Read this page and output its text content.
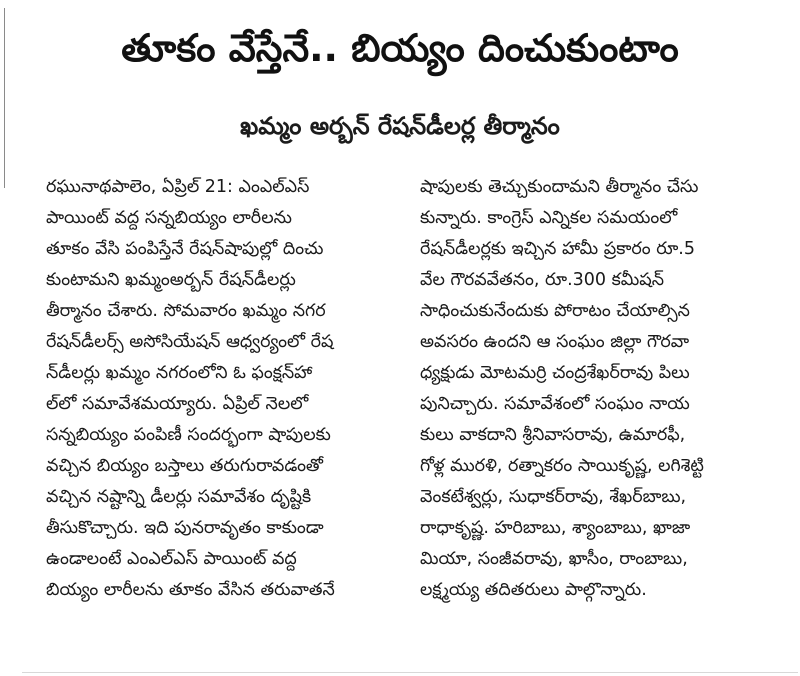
తూకం వేస్తేనే.. బియ్యం దించుకుంటాం
ఖమ్మం అర్బన్ రేషన్‌డీలర్ల తీర్మానం
రఘునాథపాలెం, ఏప్రిల్ 21: ఎంఎల్ఎస్
పాయింట్ వద్ద సన్నబియ్యం లారీలను
తూకం వేసి పంపిస్తేనే రేషన్‌షాపుల్లో దించు
కుంటామని ఖమ్మంఅర్బన్ రేషన్‌డీలర్లు
తీర్మానం చేశారు. సోమవారం ఖమ్మం నగర
రేషన్‌డీలర్స్ అసోసియేషన్ ఆధ్వర్యంలో రేష
న్‌డీలర్లు ఖమ్మం నగరంలోని ఓ ఫంక్షన్‌హా
ల్‌లో సమావేశమయ్యారు. ఏప్రిల్ నెలలో
సన్నబియ్యం పంపిణీ సందర్భంగా షాపులకు
వచ్చిన బియ్యం బస్తాలు తరుగురావడంతో
వచ్చిన నష్టాన్ని డీలర్లు సమావేశం దృష్టికి
తీసుకొచ్చారు. ఇది పునరావృతం కాకుండా
ఉండాలంటే ఎంఎల్ఎస్ పాయింట్ వద్ద
బియ్యం లారీలను తూకం వేసిన తరువాతనే
షాపులకు తెచ్చుకుందామని తీర్మానం చేసు
కున్నారు. కాంగ్రెస్ ఎన్నికల సమయంలో
రేషన్‌డీలర్లకు ఇచ్చిన హామీ ప్రకారం రూ.5
వేల గౌరవవేతనం, రూ.300 కమీషన్
సాధించుకునేందుకు పోరాటం చేయాల్సిన
అవసరం ఉందని ఆ సంఘం జిల్లా గౌరవా
ధ్యక్షుడు మోటమర్రి చంద్రశేఖర్‌రావు పిలు
పునిచ్చారు. సమావేశంలో సంఘం నాయ
కులు వాకదాని శ్రీనివాసరావు, ఉమారఫీ,
గోళ్ల మురళి, రత్నాకరం సాయికృష్ణ, లగిశెట్టి
వెంకటేశ్వర్లు, సుధాకర్‌రావు, శేఖర్‌బాబు,
రాధాకృష్ణ. హరిబాబు, శ్యాంబాబు, ఖాజా
మియా, సంజీవరావు, ఖాసీం, రాంబాబు,
లక్ష్మయ్య తదితరులు పాల్గొన్నారు.
